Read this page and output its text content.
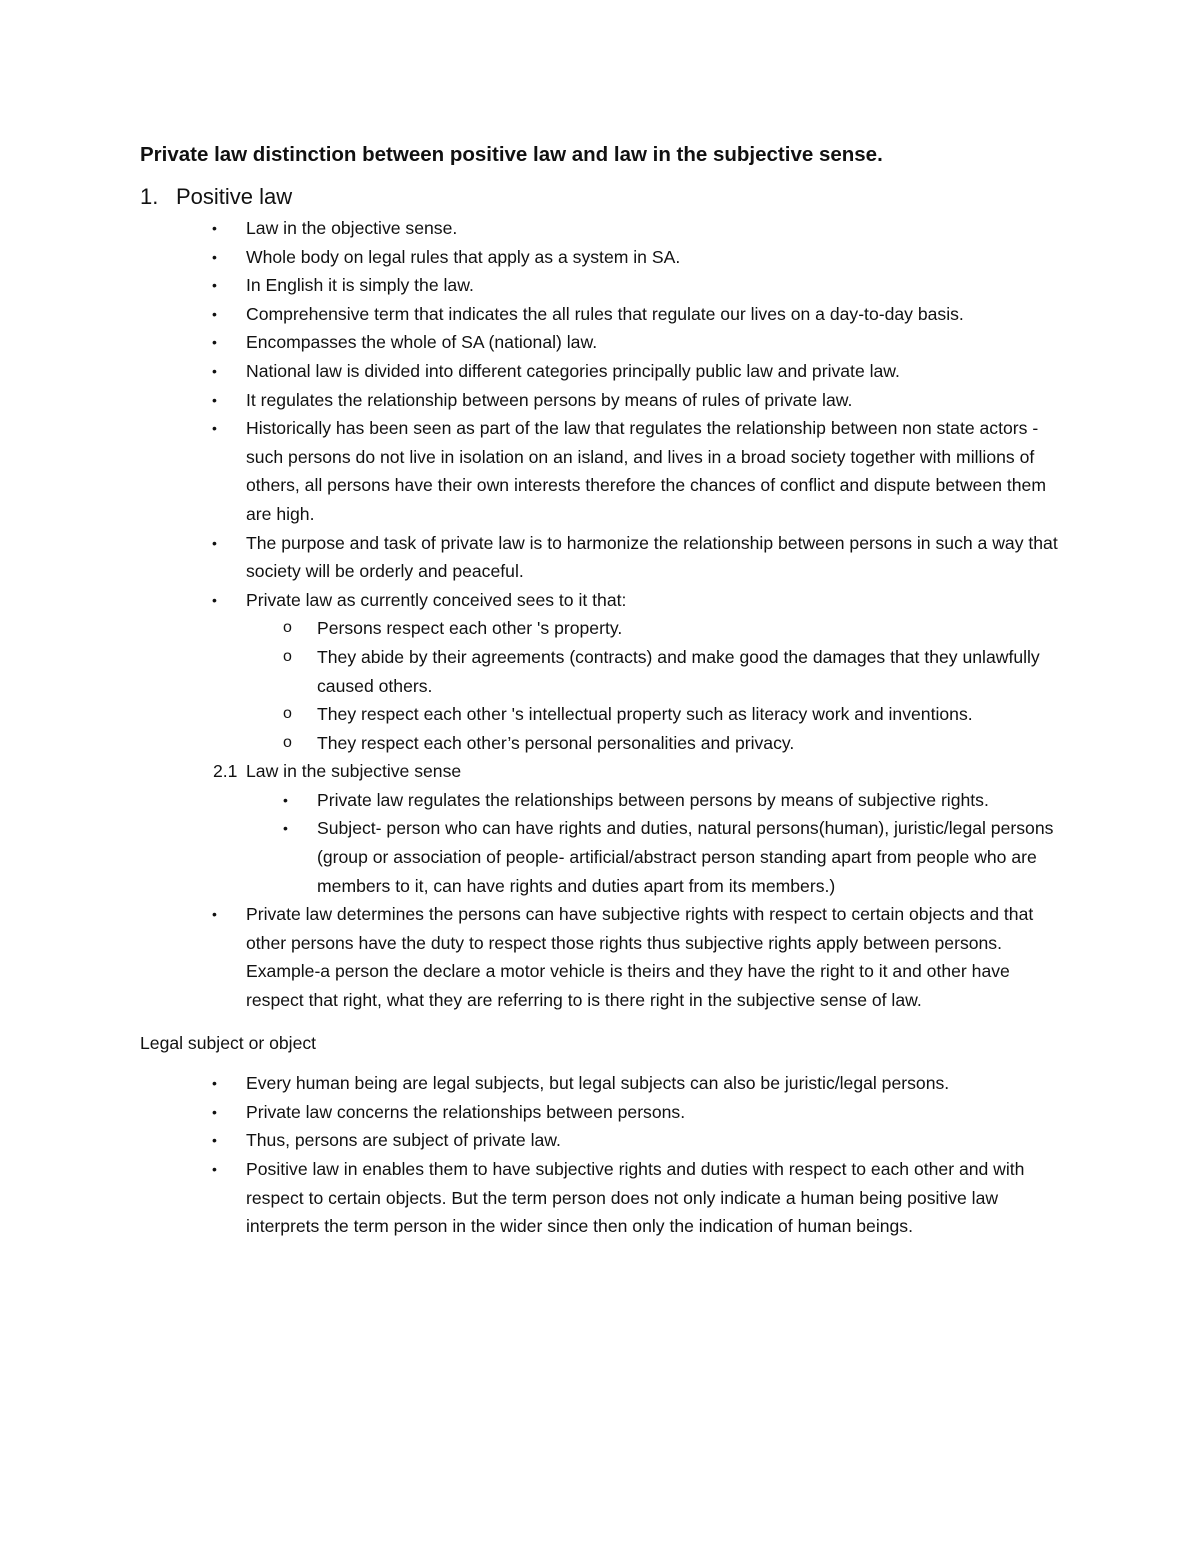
Private law distinction between positive law and law in the subjective sense.
1. Positive law
• Law in the objective sense.
• Whole body on legal rules that apply as a system in SA.
• In English it is simply the law.
• Comprehensive term that indicates the all rules that regulate our lives on a day-to-day basis.
• Encompasses the whole of SA (national) law.
• National law is divided into different categories principally public law and private law.
• It regulates the relationship between persons by means of rules of private law.
• Historically has been seen as part of the law that regulates the relationship between non state actors -such persons do not live in isolation on an island, and lives in a broad society together with millions of others, all persons have their own interests therefore the chances of conflict and dispute between them are high.
• The purpose and task of private law is to harmonize the relationship between persons in such a way that society will be orderly and peaceful.
• Private law as currently conceived sees to it that:
o Persons respect each other 's property.
o They abide by their agreements (contracts) and make good the damages that they unlawfully caused others.
o They respect each other 's intellectual property such as literacy work and inventions.
o They respect each other’s personal personalities and privacy.
2.1 Law in the subjective sense
• Private law regulates the relationships between persons by means of subjective rights.
• Subject- person who can have rights and duties, natural persons(human), juristic/legal persons (group or association of people- artificial/abstract person standing apart from people who are members to it, can have rights and duties apart from its members.)
• Private law determines the persons can have subjective rights with respect to certain objects and that other persons have the duty to respect those rights thus subjective rights apply between persons. Example-a person the declare a motor vehicle is theirs and they have the right to it and other have respect that right, what they are referring to is there right in the subjective sense of law.
Legal subject or object
• Every human being are legal subjects, but legal subjects can also be juristic/legal persons.
• Private law concerns the relationships between persons.
• Thus, persons are subject of private law.
• Positive law in enables them to have subjective rights and duties with respect to each other and with respect to certain objects. But the term person does not only indicate a human being positive law interprets the term person in the wider since then only the indication of human beings.
